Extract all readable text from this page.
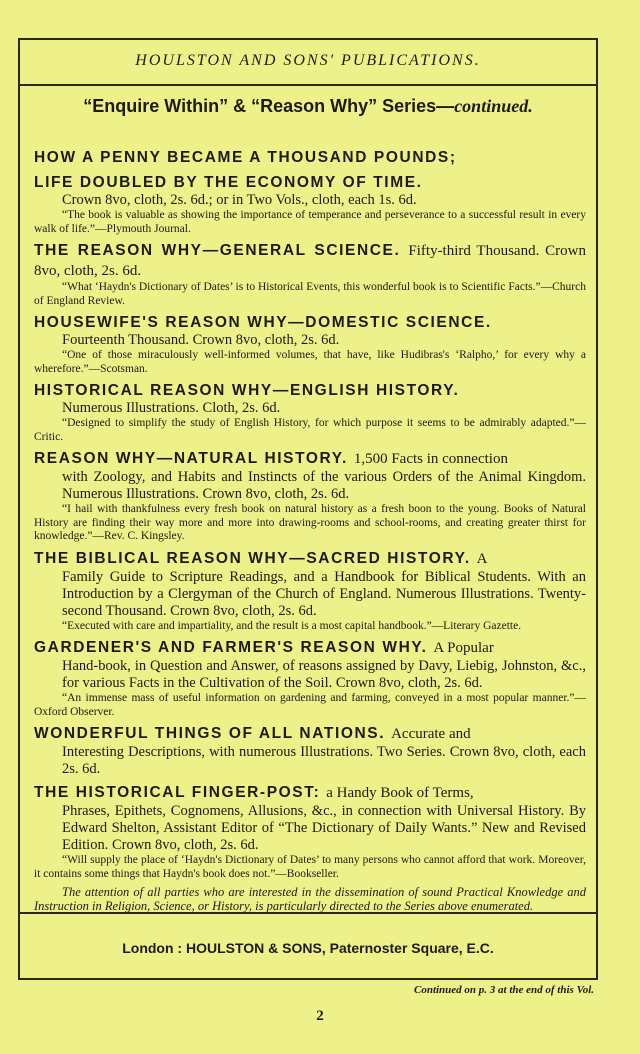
HOULSTON AND SONS' PUBLICATIONS.
“Enquire Within” & “Reason Why” Series—continued.
HOW A PENNY BECAME A THOUSAND POUNDS;
LIFE DOUBLED BY THE ECONOMY OF TIME.
Crown 8vo, cloth, 2s. 6d.; or in Two Vols., cloth, each 1s. 6d.
“The book is valuable as showing the importance of temperance and perseverance to a successful result in every walk of life.”—Plymouth Journal.
THE REASON WHY—GENERAL SCIENCE. Fifty-third Thousand. Crown 8vo, cloth, 2s. 6d.
“What ‘Haydn's Dictionary of Dates’ is to Historical Events, this wonderful book is to Scientific Facts.”—Church of England Review.
HOUSEWIFE'S REASON WHY—DOMESTIC SCIENCE.
Fourteenth Thousand. Crown 8vo, cloth, 2s. 6d.
“One of those miraculously well-informed volumes, that have, like Hudibras's ‘Ralpho,’ for every why a wherefore.”—Scotsman.
HISTORICAL REASON WHY—ENGLISH HISTORY.
Numerous Illustrations. Cloth, 2s. 6d.
“Designed to simplify the study of English History, for which purpose it seems to be admirably adapted.”—Critic.
REASON WHY—NATURAL HISTORY. 1,500 Facts in connection
with Zoology, and Habits and Instincts of the various Orders of the Animal Kingdom. Numerous Illustrations. Crown 8vo, cloth, 2s. 6d.
“I hail with thankfulness every fresh book on natural history as a fresh boon to the young. Books of Natural History are finding their way more and more into drawing-rooms and school-rooms, and creating greater thirst for knowledge.”—Rev. C. Kingsley.
THE BIBLICAL REASON WHY—SACRED HISTORY. A
Family Guide to Scripture Readings, and a Handbook for Biblical Students. With an Introduction by a Clergyman of the Church of England. Numerous Illustrations. Twenty-second Thousand. Crown 8vo, cloth, 2s. 6d.
“Executed with care and impartiality, and the result is a most capital handbook.”—Literary Gazette.
GARDENER'S AND FARMER'S REASON WHY. A Popular
Hand-book, in Question and Answer, of reasons assigned by Davy, Liebig, Johnston, &c., for various Facts in the Cultivation of the Soil. Crown 8vo, cloth, 2s. 6d.
“An immense mass of useful information on gardening and farming, conveyed in a most popular manner.”—Oxford Observer.
WONDERFUL THINGS OF ALL NATIONS. Accurate and
Interesting Descriptions, with numerous Illustrations. Two Series. Crown 8vo, cloth, each 2s. 6d.
THE HISTORICAL FINGER-POST: a Handy Book of Terms,
Phrases, Epithets, Cognomens, Allusions, &c., in connection with Universal History. By Edward Shelton, Assistant Editor of “The Dictionary of Daily Wants.” New and Revised Edition. Crown 8vo, cloth, 2s. 6d.
“Will supply the place of ‘Haydn's Dictionary of Dates’ to many persons who cannot afford that work. Moreover, it contains some things that Haydn's book does not.”—Bookseller.
The attention of all parties who are interested in the dissemination of sound Practical Knowledge and Instruction in Religion, Science, or History, is particularly directed to the Series above enumerated.
London : HOULSTON & SONS, Paternoster Square, E.C.
Continued on p. 3 at the end of this Vol.
2
